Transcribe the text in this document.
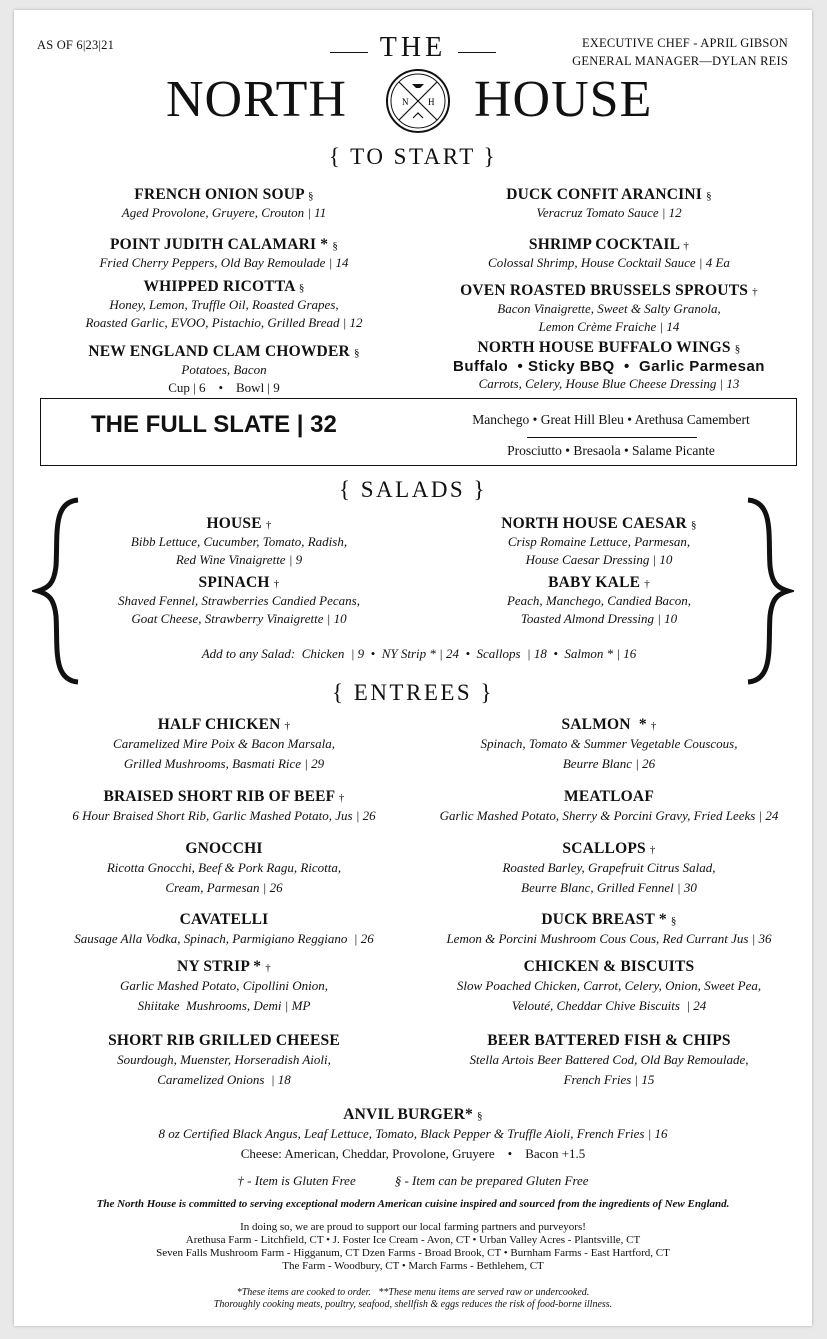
AS OF 6|23|21	EXECUTIVE CHEF - APRIL GIBSON
GENERAL MANAGER—DYLAN REIS
THE
NORTH HOUSE
N H
{ TO START }
FRENCH ONION SOUP §
Aged Provolone, Gruyere, Crouton | 11
POINT JUDITH CALAMARI * §
Fried Cherry Peppers, Old Bay Remoulade | 14
WHIPPED RICOTTA §
Honey, Lemon, Truffle Oil, Roasted Grapes,
Roasted Garlic, EVOO, Pistachio, Grilled Bread | 12
NEW ENGLAND CLAM CHOWDER §
Potatoes, Bacon
Cup | 6    •    Bowl | 9
DUCK CONFIT ARANCINI §
Veracruz Tomato Sauce | 12
SHRIMP COCKTAIL †
Colossal Shrimp, House Cocktail Sauce | 4 Ea
OVEN ROASTED BRUSSELS SPROUTS †
Bacon Vinaigrette, Sweet & Salty Granola,
Lemon Crème Fraiche | 14
NORTH HOUSE BUFFALO WINGS §
Buffalo  • Sticky BBQ  •  Garlic Parmesan
Carrots, Celery, House Blue Cheese Dressing | 13
THE FULL SLATE | 32	Manchego • Great Hill Bleu • Arethusa Camembert
Prosciutto • Bresaola • Salame Picante
{ SALADS }
HOUSE †
Bibb Lettuce, Cucumber, Tomato, Radish,
Red Wine Vinaigrette | 9
SPINACH †
Shaved Fennel, Strawberries Candied Pecans,
Goat Cheese, Strawberry Vinaigrette | 10
NORTH HOUSE CAESAR §
Crisp Romaine Lettuce, Parmesan,
House Caesar Dressing | 10
BABY KALE †
Peach, Manchego, Candied Bacon,
Toasted Almond Dressing | 10
Add to any Salad:  Chicken  | 9  •  NY Strip * | 24  •  Scallops  | 18  •  Salmon * | 16
{ ENTREES }
HALF CHICKEN †
Caramelized Mire Poix & Bacon Marsala,
Grilled Mushrooms, Basmati Rice | 29
BRAISED SHORT RIB OF BEEF †
6 Hour Braised Short Rib, Garlic Mashed Potato, Jus | 26
GNOCCHI
Ricotta Gnocchi, Beef & Pork Ragu, Ricotta,
Cream, Parmesan | 26
CAVATELLI
Sausage Alla Vodka, Spinach, Parmigiano Reggiano  | 26
NY STRIP * †
Garlic Mashed Potato, Cipollini Onion,
Shiitake  Mushrooms, Demi | MP
SHORT RIB GRILLED CHEESE
Sourdough, Muenster, Horseradish Aioli,
Caramelized Onions  | 18
SALMON  * †
Spinach, Tomato & Summer Vegetable Couscous,
Beurre Blanc | 26
MEATLOAF
Garlic Mashed Potato, Sherry & Porcini Gravy, Fried Leeks | 24
SCALLOPS †
Roasted Barley, Grapefruit Citrus Salad,
Beurre Blanc, Grilled Fennel | 30
DUCK BREAST * §
Lemon & Porcini Mushroom Cous Cous, Red Currant Jus | 36
CHICKEN & BISCUITS
Slow Poached Chicken, Carrot, Celery, Onion, Sweet Pea,
Velouté, Cheddar Chive Biscuits  | 24
BEER BATTERED FISH & CHIPS
Stella Artois Beer Battered Cod, Old Bay Remoulade,
French Fries | 15
ANVIL BURGER* §
8 oz Certified Black Angus, Leaf Lettuce, Tomato, Black Pepper & Truffle Aioli, French Fries | 16
Cheese: American, Cheddar, Provolone, Gruyere    •    Bacon +1.5
† - Item is Gluten Free	§ - Item can be prepared Gluten Free
The North House is committed to serving exceptional modern American cuisine inspired and sourced from the ingredients of New England.
In doing so, we are proud to support our local farming partners and purveyors!
Arethusa Farm - Litchfield, CT • J. Foster Ice Cream - Avon, CT • Urban Valley Acres - Plantsville, CT
Seven Falls Mushroom Farm - Higganum, CT Dzen Farms - Broad Brook, CT • Burnham Farms - East Hartford, CT
The Farm - Woodbury, CT • March Farms - Bethlehem, CT
*These items are cooked to order.   **These menu items are served raw or undercooked.
Thoroughly cooking meats, poultry, seafood, shellfish & eggs reduces the risk of food-borne illness.
